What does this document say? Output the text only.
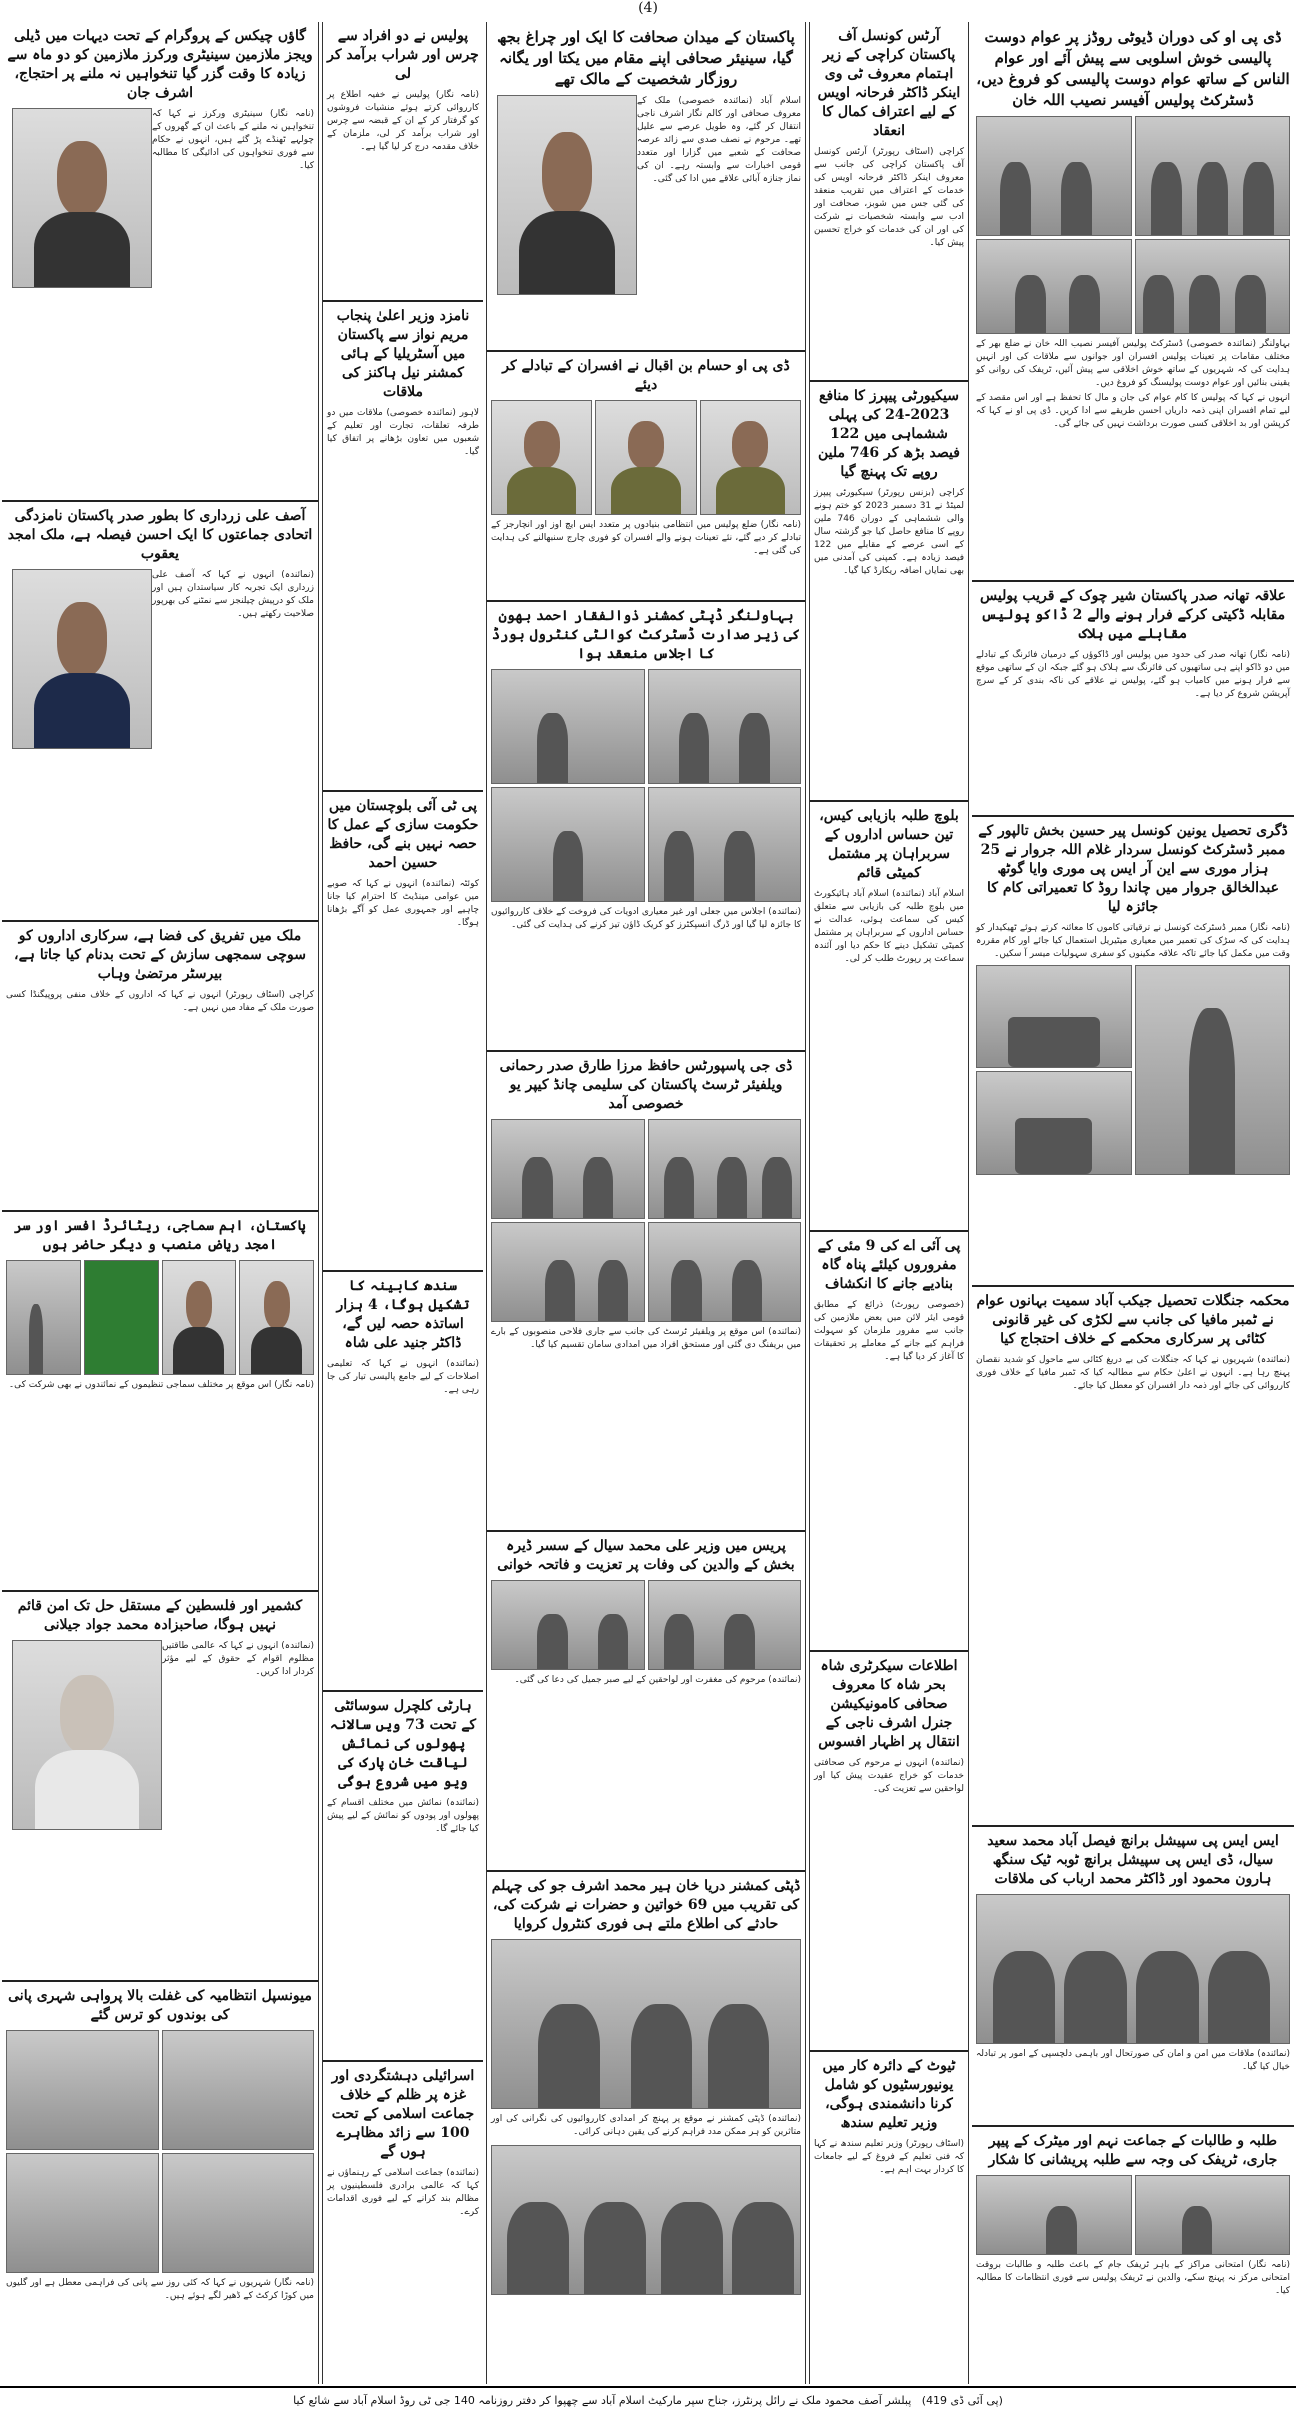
(4)
ڈی پی او کی دوران ڈیوٹی روڈز پر عوام دوست پالیسی خوش اسلوبی سے پیش آئے اور عوام الناس کے ساتھ عوام دوست پالیسی کو فروغ دیں، ڈسٹرکٹ پولیس آفیسر نصیب اللہ خان

بہاولنگر (نمائندہ خصوصی) ڈسٹرکٹ پولیس آفیسر نصیب اللہ خان نے ضلع بھر کے مختلف مقامات پر تعینات پولیس افسران اور جوانوں سے ملاقات کی اور انہیں ہدایت کی کہ شہریوں کے ساتھ خوش اخلاقی سے پیش آئیں، ٹریفک کی روانی کو یقینی بنائیں اور عوام دوست پولیسنگ کو فروغ دیں۔

انہوں نے کہا کہ پولیس کا کام عوام کی جان و مال کا تحفظ ہے اور اس مقصد کے لیے تمام افسران اپنی ذمہ داریاں احسن طریقے سے ادا کریں۔ ڈی پی او نے کہا کہ کرپشن اور بد اخلاقی کسی صورت برداشت نہیں کی جائے گی۔

علاقہ تھانہ صدر پاکستان شیر چوک کے قریب پولیس مقابلہ ڈکیتی کرکے فرار ہونے والے 2 ڈاکو پولیس مقابلے میں ہلاک
(نامہ نگار) تھانہ صدر کی حدود میں پولیس اور ڈاکوؤں کے درمیان فائرنگ کے تبادلے میں دو ڈاکو اپنے ہی ساتھیوں کی فائرنگ سے ہلاک ہو گئے جبکہ ان کے ساتھی موقع سے فرار ہونے میں کامیاب ہو گئے، پولیس نے علاقے کی ناکہ بندی کر کے سرچ آپریشن شروع کر دیا ہے۔
ڈگری تحصیل یونین کونسل پیر حسین بخش تالپور کے ممبر ڈسٹرکٹ کونسل سردار غلام اللہ جروار نے 25 ہزار موری سے این آر ایس پی موری وایا گوٹھ عبدالخالق جروار میں چاندا روڈ کا تعمیراتی کام کا جائزہ لیا
(نامہ نگار) ممبر ڈسٹرکٹ کونسل نے ترقیاتی کاموں کا معائنہ کرتے ہوئے ٹھیکیدار کو ہدایت کی کہ سڑک کی تعمیر میں معیاری میٹیریل استعمال کیا جائے اور کام مقررہ وقت میں مکمل کیا جائے تاکہ علاقہ مکینوں کو سفری سہولیات میسر آ سکیں۔
محکمہ جنگلات تحصیل جیکب آباد سمیت بہانوں عوام نے ٹمبر مافیا کی جانب سے لکڑی کی غیر قانونی کٹائی پر سرکاری محکمے کے خلاف احتجاج کیا
(نمائندہ) شہریوں نے کہا کہ جنگلات کی بے دریغ کٹائی سے ماحول کو شدید نقصان پہنچ رہا ہے۔ انہوں نے اعلیٰ حکام سے مطالبہ کیا کہ ٹمبر مافیا کے خلاف فوری کارروائی کی جائے اور ذمہ دار افسران کو معطل کیا جائے۔
ایس ایس پی سپیشل برانچ فیصل آباد محمد سعید سیال، ڈی ایس پی سپیشل برانچ ٹوبہ ٹیک سنگھ ہارون محمود اور ڈاکٹر محمد ارباب کی ملاقات
(نمائندہ) ملاقات میں امن و امان کی صورتحال اور باہمی دلچسپی کے امور پر تبادلہ خیال کیا گیا۔
طلبہ و طالبات کے جماعت نہم اور میٹرک کے پیپر جاری، ٹریفک کی وجہ سے طلبہ پریشانی کا شکار
(نامہ نگار) امتحانی مراکز کے باہر ٹریفک جام کے باعث طلبہ و طالبات بروقت امتحانی مرکز نہ پہنچ سکے، والدین نے ٹریفک پولیس سے فوری انتظامات کا مطالبہ کیا۔
آرٹس کونسل آف پاکستان کراچی کے زیر اہتمام معروف ٹی وی اینکر ڈاکٹر فرحانہ اویس کے لیے اعتراف کمال کا انعقاد
کراچی (اسٹاف رپورٹر) آرٹس کونسل آف پاکستان کراچی کی جانب سے معروف اینکر ڈاکٹر فرحانہ اویس کی خدمات کے اعتراف میں تقریب منعقد کی گئی جس میں شوبز، صحافت اور ادب سے وابستہ شخصیات نے شرکت کی اور ان کی خدمات کو خراج تحسین پیش کیا۔
سیکیورٹی پیپرز کا منافع 2023-24 کی پہلی ششماہی میں 122 فیصد بڑھ کر 746 ملین روپے تک پہنچ گیا
کراچی (بزنس رپورٹر) سیکیورٹی پیپرز لمیٹڈ نے 31 دسمبر 2023 کو ختم ہونے والی ششماہی کے دوران 746 ملین روپے کا منافع حاصل کیا جو گزشتہ سال کے اسی عرصے کے مقابلے میں 122 فیصد زیادہ ہے۔ کمپنی کی آمدنی میں بھی نمایاں اضافہ ریکارڈ کیا گیا۔
بلوچ طلبہ بازیابی کیس، تین حساس اداروں کے سربراہان پر مشتمل کمیٹی قائم
اسلام آباد (نمائندہ) اسلام آباد ہائیکورٹ میں بلوچ طلبہ کی بازیابی سے متعلق کیس کی سماعت ہوئی، عدالت نے حساس اداروں کے سربراہان پر مشتمل کمیٹی تشکیل دینے کا حکم دیا اور آئندہ سماعت پر رپورٹ طلب کر لی۔
پی آئی اے کی 9 مئی کے مفروروں کیلئے پناہ گاہ بنادیے جانے کا انکشاف
(خصوصی رپورٹ) ذرائع کے مطابق قومی ایئر لائن میں بعض ملازمین کی جانب سے مفرور ملزمان کو سہولت فراہم کیے جانے کے معاملے پر تحقیقات کا آغاز کر دیا گیا ہے۔
اطلاعات سیکرٹری شاہ بحر شاہ کا معروف صحافی کامونیکیشن جنرل اشرف ناجی کے انتقال پر اظہار افسوس
(نمائندہ) انہوں نے مرحوم کی صحافتی خدمات کو خراج عقیدت پیش کیا اور لواحقین سے تعزیت کی۔
ٹیوٹ کے دائرہ کار میں یونیورسٹیوں کو شامل کرنا دانشمندی ہوگی، وزیر تعلیم سندھ
(اسٹاف رپورٹر) وزیر تعلیم سندھ نے کہا کہ فنی تعلیم کے فروغ کے لیے جامعات کا کردار بہت اہم ہے۔
پاکستان کے میدان صحافت کا ایک اور چراغ بجھ گیا، سینیئر صحافی اپنے مقام میں یکتا اور یگانہ روزگار شخصیت کے مالک تھے
اسلام آباد (نمائندہ خصوصی) ملک کے معروف صحافی اور کالم نگار اشرف ناجی انتقال کر گئے، وہ طویل عرصے سے علیل تھے۔ مرحوم نے نصف صدی سے زائد عرصہ صحافت کے شعبے میں گزارا اور متعدد قومی اخبارات سے وابستہ رہے۔ ان کی نماز جنازہ آبائی علاقے میں ادا کی گئی۔
ڈی پی او حسام بن اقبال نے افسران کے تبادلے کر دیئے
(نامہ نگار) ضلع پولیس میں انتظامی بنیادوں پر متعدد ایس ایچ اوز اور انچارجز کے تبادلے کر دیے گئے، نئے تعینات ہونے والے افسران کو فوری چارج سنبھالنے کی ہدایت کی گئی ہے۔
بہاولنگر ڈپٹی کمشنر ذوالفقار احمد بھون کی زیر صدارت ڈسٹرکٹ کوالٹی کنٹرول بورڈ کا اجلاس منعقد ہوا
(نمائندہ) اجلاس میں جعلی اور غیر معیاری ادویات کی فروخت کے خلاف کارروائیوں کا جائزہ لیا گیا اور ڈرگ انسپکٹرز کو کریک ڈاؤن تیز کرنے کی ہدایت کی گئی۔
ڈی جی پاسپورٹس حافظ مرزا طارق صدر رحمانی ویلفیئر ٹرسٹ پاکستان کی سلیمی چانڈ کیپر یو خصوصی آمد
(نمائندہ) اس موقع پر ویلفیئر ٹرسٹ کی جانب سے جاری فلاحی منصوبوں کے بارے میں بریفنگ دی گئی اور مستحق افراد میں امدادی سامان تقسیم کیا گیا۔
پریس میں وزیر علی محمد سیال کے سسر ڈیرہ بخش کے والدین کی وفات پر تعزیت و فاتحہ خوانی
(نمائندہ) مرحوم کی مغفرت اور لواحقین کے لیے صبر جمیل کی دعا کی گئی۔
ڈپٹی کمشنر دریا خان ہیر محمد اشرف جو کی چہلم کی تقریب میں 69 خواتین و حضرات نے شرکت کی، حادثے کی اطلاع ملتے ہی فوری کنٹرول کروایا
(نمائندہ) ڈپٹی کمشنر نے موقع پر پہنچ کر امدادی کارروائیوں کی نگرانی کی اور متاثرین کو ہر ممکن مدد فراہم کرنے کی یقین دہانی کرائی۔
پولیس نے دو افراد سے چرس اور شراب برآمد کر لی
(نامہ نگار) پولیس نے خفیہ اطلاع پر کارروائی کرتے ہوئے منشیات فروشوں کو گرفتار کر کے ان کے قبضہ سے چرس اور شراب برآمد کر لی، ملزمان کے خلاف مقدمہ درج کر لیا گیا ہے۔
نامزد وزیر اعلیٰ پنجاب مریم نواز سے پاکستان میں آسٹریلیا کے ہائی کمشنر نیل ہاکنز کی ملاقات
لاہور (نمائندہ خصوصی) ملاقات میں دو طرفہ تعلقات، تجارت اور تعلیم کے شعبوں میں تعاون بڑھانے پر اتفاق کیا گیا۔
پی ٹی آئی بلوچستان میں حکومت سازی کے عمل کا حصہ نہیں بنے گی، حافظ حسین احمد
کوئٹہ (نمائندہ) انہوں نے کہا کہ صوبے میں عوامی مینڈیٹ کا احترام کیا جانا چاہیے اور جمہوری عمل کو آگے بڑھانا ہوگا۔
سندھ کابینہ کا تشکیل ہوگا، 4 ہزار اساتذہ حصہ لیں گے، ڈاکٹر جنید علی شاہ
(نمائندہ) انہوں نے کہا کہ تعلیمی اصلاحات کے لیے جامع پالیسی تیار کی جا رہی ہے۔
ہارٹی کلچرل سوسائٹی کے تحت 73 ویں سالانہ پھولوں کی نمائش لیاقت خان پارک کی ویو میں شروع ہوگی
(نمائندہ) نمائش میں مختلف اقسام کے پھولوں اور پودوں کو نمائش کے لیے پیش کیا جائے گا۔
اسرائیلی دہشتگردی اور غزہ پر ظلم کے خلاف جماعت اسلامی کے تحت 100 سے زائد مظاہرے ہوں گے
(نمائندہ) جماعت اسلامی کے رہنماؤں نے کہا کہ عالمی برادری فلسطینیوں پر مظالم بند کرانے کے لیے فوری اقدامات کرے۔
گاؤں چیکس کے پروگرام کے تحت دیہات میں ڈیلی ویجز ملازمین سینیٹری ورکرز ملازمین کو دو ماہ سے زیادہ کا وقت گزر گیا تنخواہیں نہ ملنے پر احتجاج، اشرف جان
(نامہ نگار) سینیٹری ورکرز نے کہا کہ تنخواہیں نہ ملنے کے باعث ان کے گھروں کے چولہے ٹھنڈے پڑ گئے ہیں، انہوں نے حکام سے فوری تنخواہوں کی ادائیگی کا مطالبہ کیا۔
آصف علی زرداری کا بطور صدر پاکستان نامزدگی اتحادی جماعتوں کا ایک احسن فیصلہ ہے، ملک امجد یعقوب
(نمائندہ) انہوں نے کہا کہ آصف علی زرداری ایک تجربہ کار سیاستدان ہیں اور ملک کو درپیش چیلنجز سے نمٹنے کی بھرپور صلاحیت رکھتے ہیں۔
ملک میں تفریق کی فضا ہے، سرکاری اداروں کو سوچی سمجھی سازش کے تحت بدنام کیا جاتا ہے، بیرسٹر مرتضیٰ وہاب
کراچی (اسٹاف رپورٹر) انہوں نے کہا کہ اداروں کے خلاف منفی پروپیگنڈا کسی صورت ملک کے مفاد میں نہیں ہے۔
پاکستان، اہم سماجی، ریٹائرڈ افسر اور سر امجد ریاض منصب و دیگر حاضر ہوں
(نامہ نگار) اس موقع پر مختلف سماجی تنظیموں کے نمائندوں نے بھی شرکت کی۔
کشمیر اور فلسطین کے مستقل حل تک امن قائم نہیں ہوگا، صاحبزادہ محمد جواد جیلانی
(نمائندہ) انہوں نے کہا کہ عالمی طاقتیں مظلوم اقوام کے حقوق کے لیے مؤثر کردار ادا کریں۔
میونسپل انتظامیہ کی غفلت بالا پرواہی شہری پانی کی بوندوں کو ترس گئے
(نامہ نگار) شہریوں نے کہا کہ کئی روز سے پانی کی فراہمی معطل ہے اور گلیوں میں کوڑا کرکٹ کے ڈھیر لگے ہوئے ہیں۔
(پی آئی ڈی 419)   پبلشر آصف محمود ملک نے رائل پرنٹرز، جناح سپر مارکیٹ اسلام آباد سے چھپوا کر دفتر روزنامہ 140 جی ٹی روڈ اسلام آباد سے شائع کیا
